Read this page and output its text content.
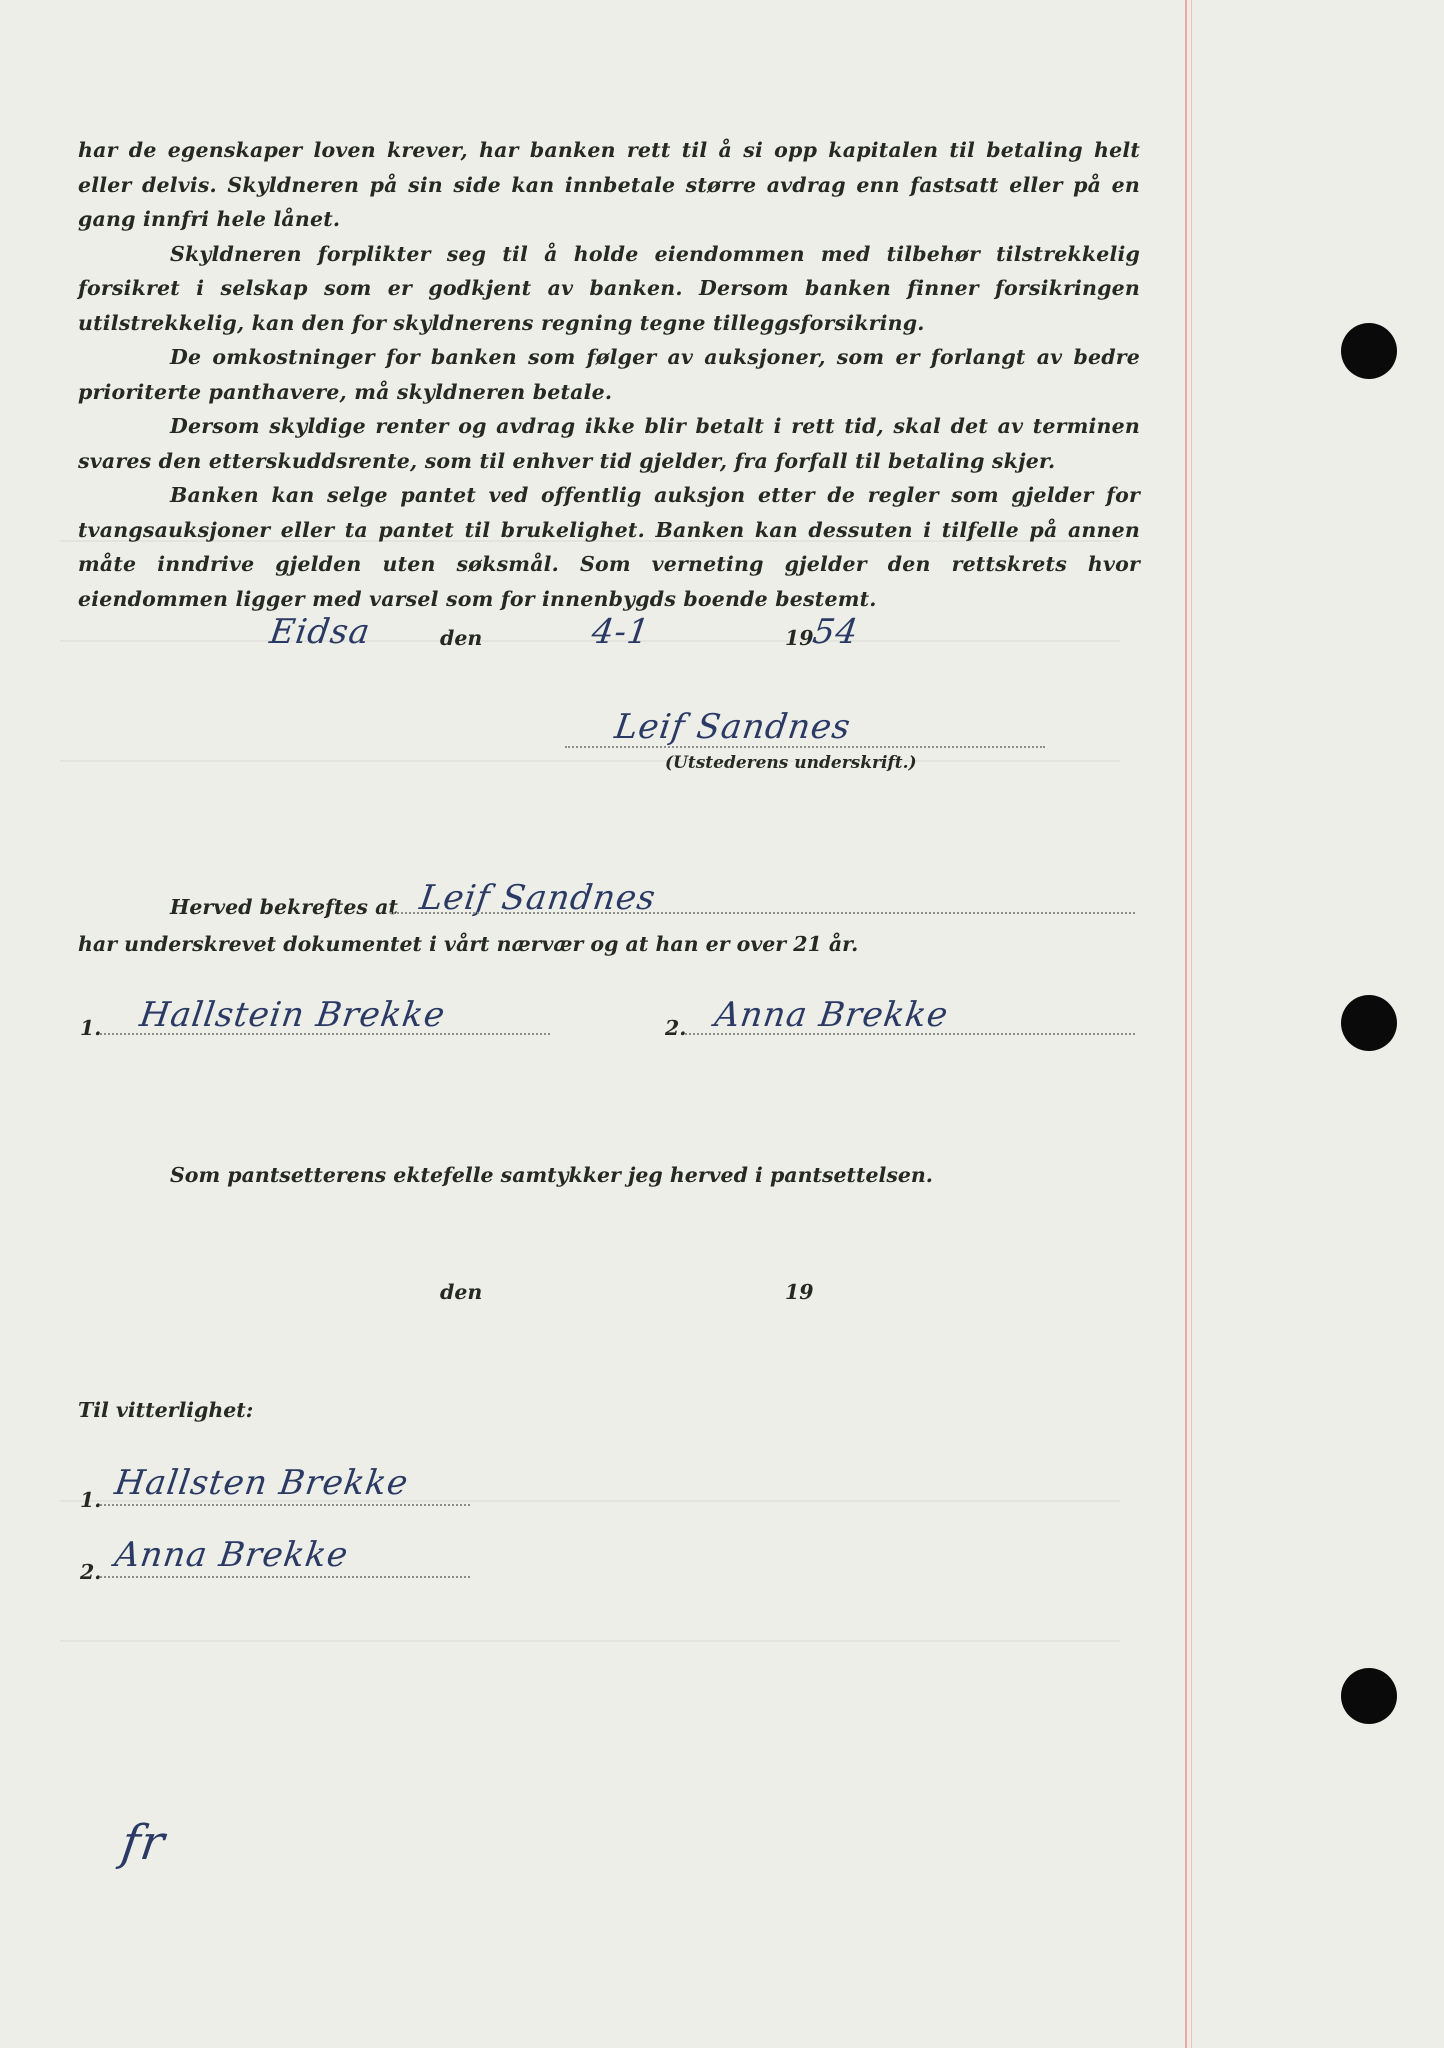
har de egenskaper loven krever, har banken rett til å si opp kapitalen til betaling helt eller delvis. Skyldneren på sin side kan innbetale større avdrag enn fastsatt eller på en gang innfri hele lånet.

Skyldneren forplikter seg til å holde eiendommen med tilbehør tilstrekkelig forsikret i selskap som er godkjent av banken. Dersom banken finner forsikringen utilstrekkelig, kan den for skyldnerens regning tegne tilleggsforsikring.

De omkostninger for banken som følger av auksjoner, som er forlangt av bedre prioriterte panthavere, må skyldneren betale.

Dersom skyldige renter og avdrag ikke blir betalt i rett tid, skal det av terminen svares den etterskuddsrente, som til enhver tid gjelder, fra forfall til betaling skjer.

Banken kan selge pantet ved offentlig auksjon etter de regler som gjelder for tvangsauksjoner eller ta pantet til brukelighet. Banken kan dessuten i tilfelle på annen måte inndrive gjelden uten søksmål. Som verneting gjelder den rettskrets hvor eiendommen ligger med varsel som for innenbygds boende bestemt.

Eidsa	den	4-1	19
54
Leif Sandnes
(Utstederens underskrift.)
Herved bekreftes at Leif Sandnes
har underskrevet dokumentet i vårt nærvær og at han er over 21 år.
1. Hallstein Brekke	2. Anna Brekke
Som pantsetterens ektefelle samtykker jeg herved i pantsettelsen.
den	19
Til vitterlighet:
1. Hallsten Brekke
2. Anna Brekke
fr
